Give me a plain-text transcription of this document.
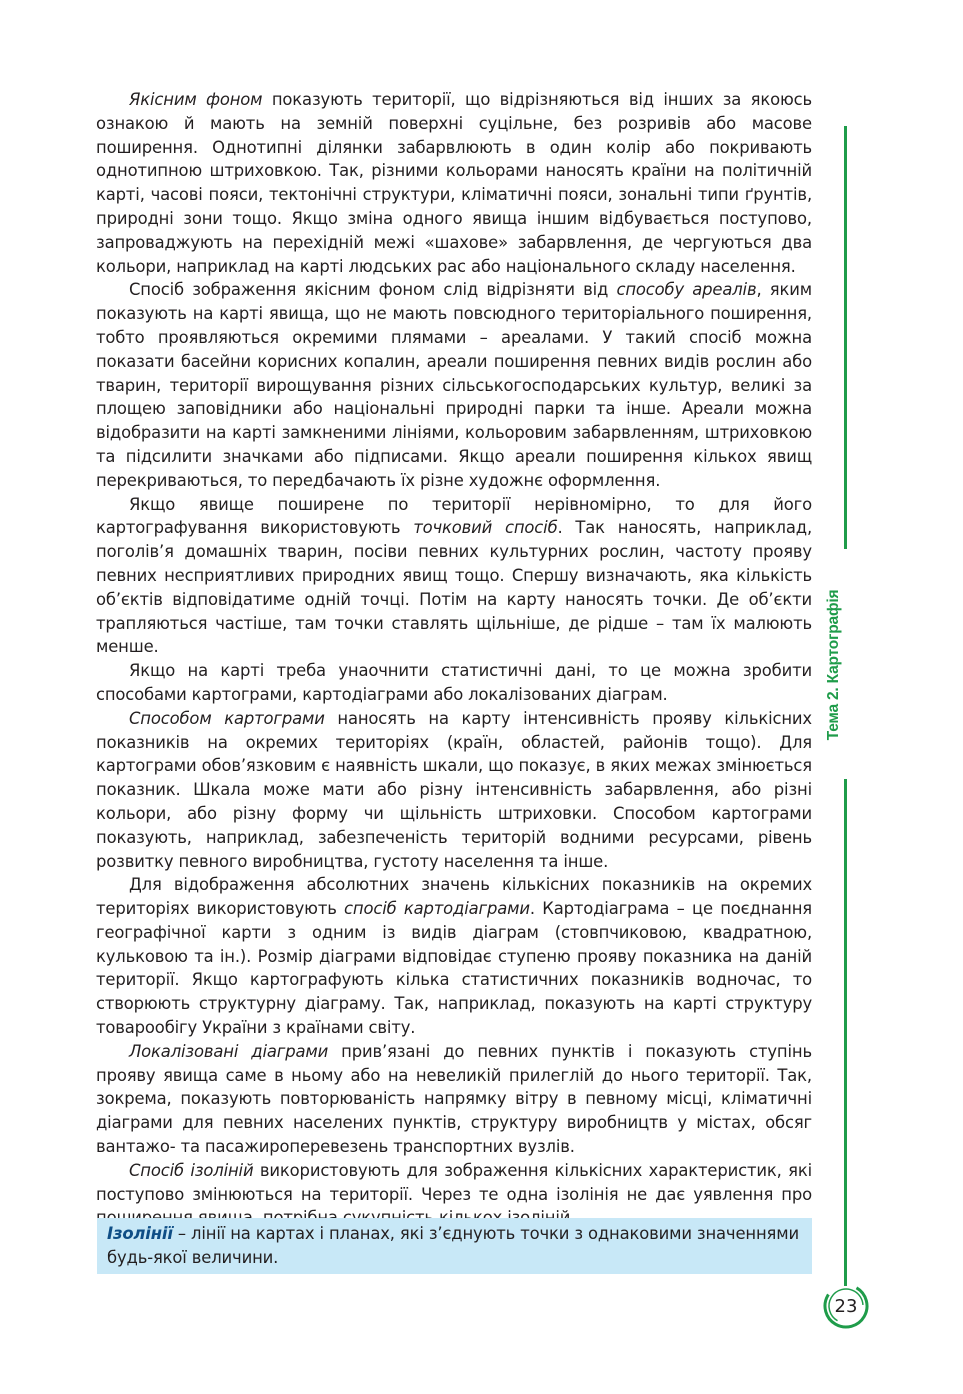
Якісним фоном показують території, що відрізняються від інших за якоюсь ознакою й мають на земній поверхні суцільне, без розривів або масове поширення. Однотипні ділянки забарвлюють в один колір або покривають однотипною штриховкою. Так, різними кольорами наносять країни на політичній карті, часові пояси, тектонічні структури, кліматичні пояси, зональні типи ґрунтів, природні зони тощо. Якщо зміна одного явища іншим відбувається поступово, запроваджують на перехідній межі «шахове» забарвлення, де чергуються два кольори, наприклад на карті людських рас або національного складу населення.

Спосіб зображення якісним фоном слід відрізняти від способу ареалів, яким показують на карті явища, що не мають повсюдного територіального поширення, тобто проявляються окремими плямами – ареалами. У такий спосіб можна показати басейни корисних копалин, ареали поширення певних видів рослин або тварин, території вирощування різних сільськогосподарських культур, великі за площею заповідники або національні природні парки та інше. Ареали можна відобразити на карті замкненими лініями, кольоровим забарвленням, штриховкою та підсилити значками або підписами. Якщо ареали поширення кількох явищ перекриваються, то передбачають їх різне художнє оформлення.

Якщо явище поширене по території нерівномірно, то для його картографування використовують точковий спосіб. Так наносять, наприклад, поголів’я домашніх тварин, посіви певних культурних рослин, частоту прояву певних несприятливих природних явищ тощо. Спершу визначають, яка кількість об’єктів відповідатиме одній точці. Потім на карту наносять точки. Де об’єкти трапляються частіше, там точки ставлять щільніше, де рідше – там їх малюють менше.

Якщо на карті треба унаочнити статистичні дані, то це можна зробити способами картограми, картодіаграми або локалізованих діаграм.

Способом картограми наносять на карту інтенсивність прояву кількісних показників на окремих територіях (країн, областей, районів тощо). Для картограми обов’язковим є наявність шкали, що показує, в яких межах змінюється показник. Шкала може мати або різну інтенсивність забарвлення, або різні кольори, або різну форму чи щільність штриховки. Способом картограми показують, наприклад, забезпеченість територій водними ресурсами, рівень розвитку певного виробництва, густоту населення та інше.

Для відображення абсолютних значень кількісних показників на окремих територіях використовують спосіб картодіаграми. Картодіаграма – це поєднання географічної карти з одним із видів діаграм (стовпчиковою, квадратною, кульковою та ін.). Розмір діаграми відповідає ступеню прояву показника на даній території. Якщо картографують кілька статистичних показників водночас, то створюють структурну діаграму. Так, наприклад, показують на карті структуру товарообігу України з країнами світу.

Локалізовані діаграми прив’язані до певних пунктів і показують ступінь прояву явища саме в ньому або на невеликій прилеглій до нього території. Так, зокрема, показують повторюваність напрямку вітру в певному місці, кліматичні діаграми для певних населених пунктів, структуру виробництв у містах, обсяг вантажо- та пасажироперевезень транспортних вузлів.

Спосіб ізоліній використовують для зображення кількісних характеристик, які поступово змінюються на території. Через те одна ізолінія не дає уявлення про

Ізолінії – лінії на картах і планах, які з’єднують точки з однаковими значеннями будь-якої величини.
Тема 2. Картографія
23
